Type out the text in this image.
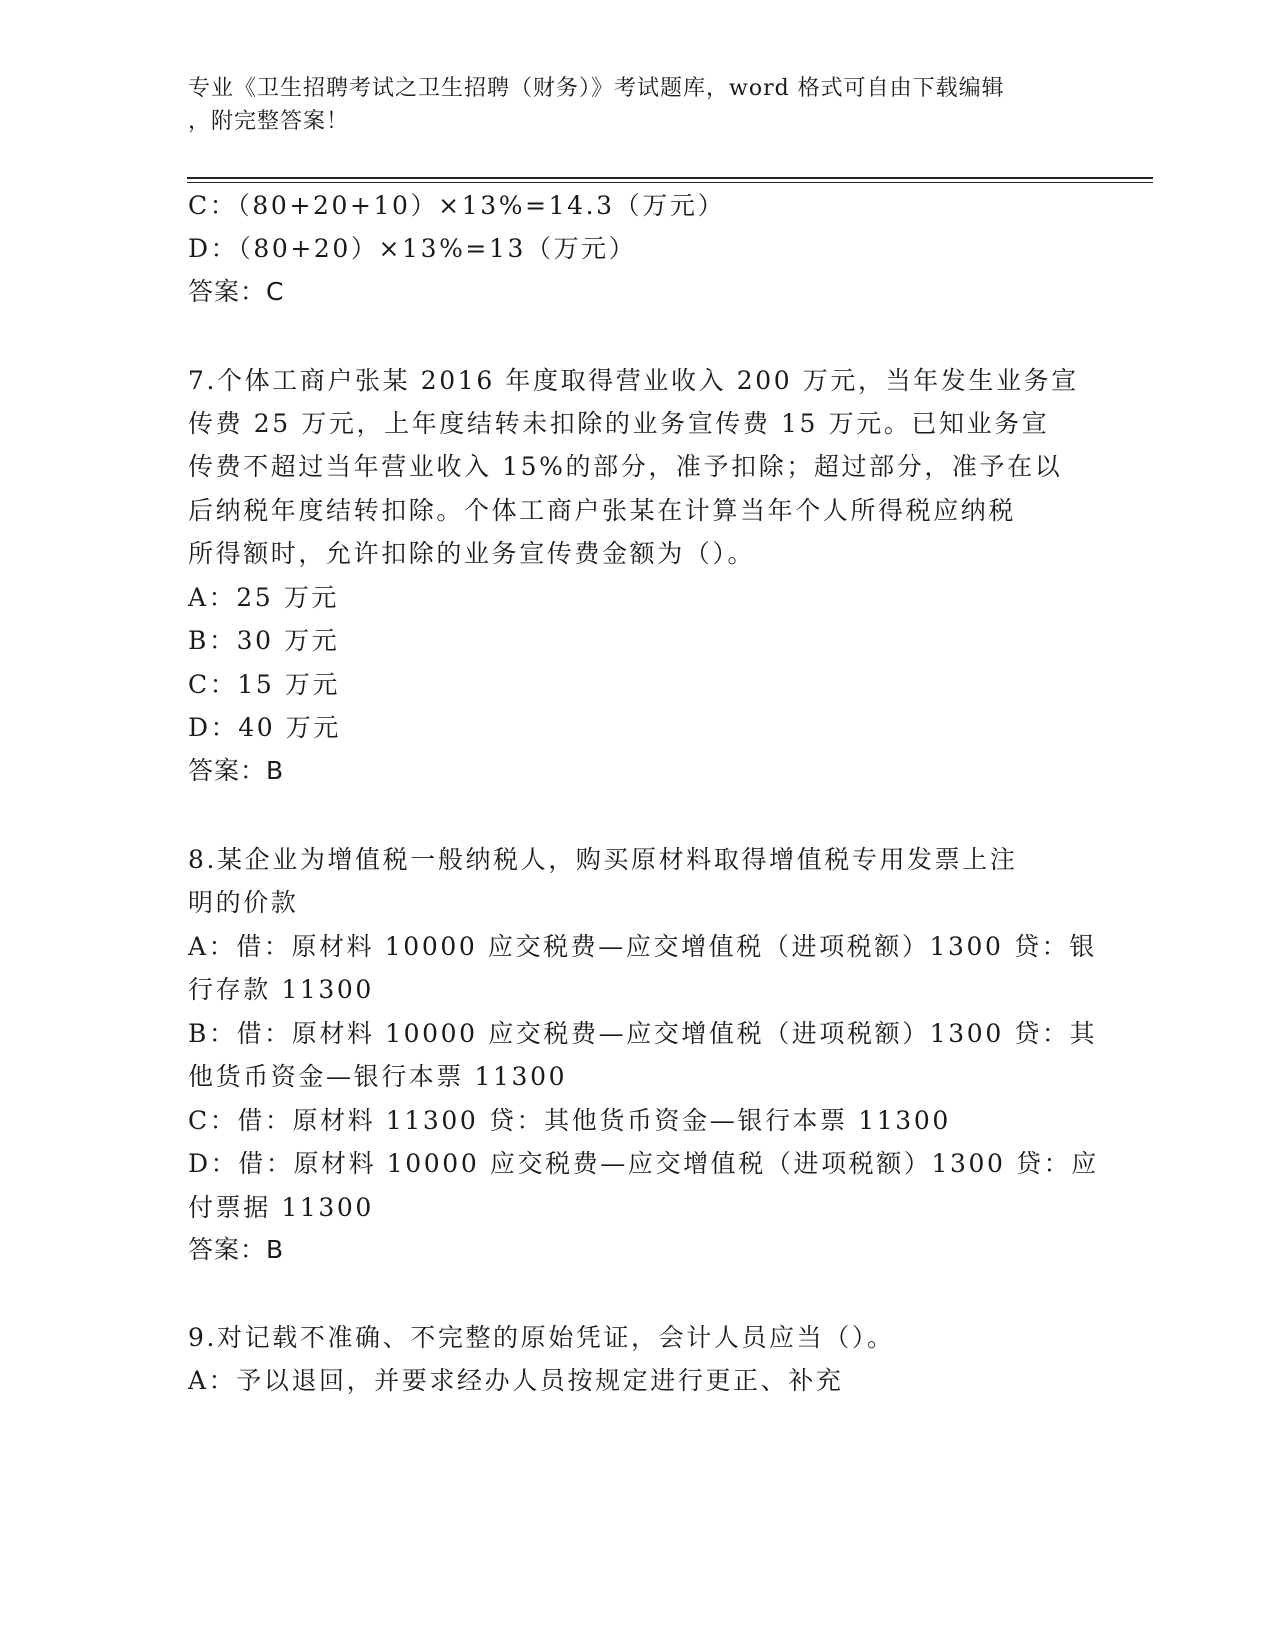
专业《卫生招聘考试之卫生招聘（财务）》考试题库，word 格式可自由下载编辑
，附完整答案！
C：（80+20+10）×13%=14.3（万元）
D：（80+20）×13%=13（万元）
答案：C
7.个体工商户张某 2016 年度取得营业收入 200 万元，当年发生业务宣
传费 25 万元，上年度结转未扣除的业务宣传费 15 万元。已知业务宣
传费不超过当年营业收入 15%的部分，准予扣除；超过部分，准予在以
后纳税年度结转扣除。个体工商户张某在计算当年个人所得税应纳税
所得额时，允许扣除的业务宣传费金额为（）。
A：25 万元
B：30 万元
C：15 万元
D：40 万元
答案：B
8.某企业为增值税一般纳税人，购买原材料取得增值税专用发票上注
明的价款
A：借：原材料 10000 应交税费—应交增值税（进项税额）1300 贷：银
行存款 11300
B：借：原材料 10000 应交税费—应交增值税（进项税额）1300 贷：其
他货币资金—银行本票 11300
C：借：原材料 11300 贷：其他货币资金—银行本票 11300
D：借：原材料 10000 应交税费—应交增值税（进项税额）1300 贷：应
付票据 11300
答案：B
9.对记载不准确、不完整的原始凭证，会计人员应当（）。
A：予以退回，并要求经办人员按规定进行更正、补充
